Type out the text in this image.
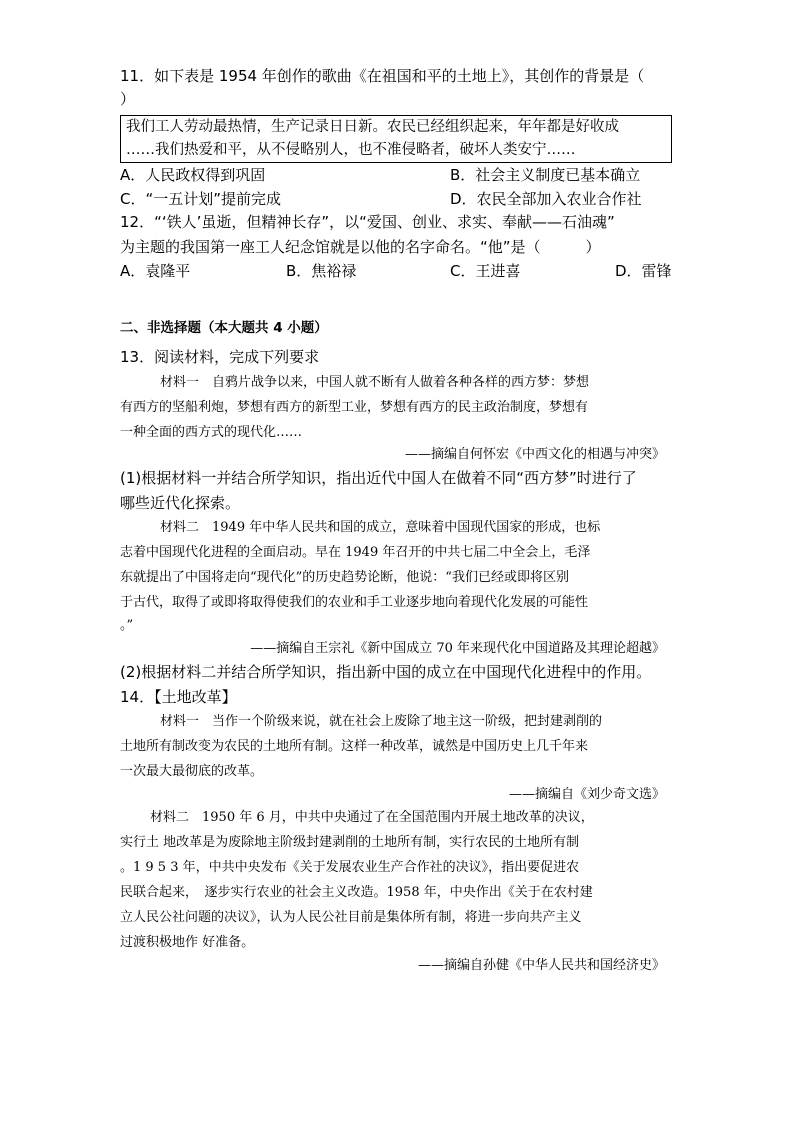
11．如下表是 1954 年创作的歌曲《在祖国和平的土地上》，其创作的背景是（
）
我们工人劳动最热情，生产记录日日新。农民已经组织起来，年年都是好收成
……我们热爱和平，从不侵略别人，也不准侵略者，破坏人类安宁……
A．人民政权得到巩固	B．社会主义制度已基本确立
C．“一五计划”提前完成	D．农民全部加入农业合作社
12．“‘铁人’虽逝，但精神长存”，以“爱国、创业、求实、奉献——石油魂”
为主题的我国第一座工人纪念馆就是以他的名字命名。“他”是（　　　）
A．袁隆平	B．焦裕禄	C．王进喜	D．雷锋
二、非选择题（本大题共 4 小题）
13．阅读材料，完成下列要求
材料一　自鸦片战争以来，中国人就不断有人做着各种各样的西方梦：梦想
有西方的坚船利炮，梦想有西方的新型工业，梦想有西方的民主政治制度，梦想有
一种全面的西方式的现代化……
——摘编自何怀宏《中西文化的相遇与冲突》
(1)根据材料一并结合所学知识，指出近代中国人在做着不同“西方梦”时进行了
哪些近代化探索。
材料二　1949 年中华人民共和国的成立，意味着中国现代国家的形成，也标
志着中国现代化进程的全面启动。早在 1949 年召开的中共七届二中全会上，毛泽
东就提出了中国将走向“现代化”的历史趋势论断，他说：“我们已经或即将区别
于古代，取得了或即将取得使我们的农业和手工业逐步地向着现代化发展的可能性
。”
——摘编自王宗礼《新中国成立 70 年来现代化中国道路及其理论超越》
(2)根据材料二并结合所学知识，指出新中国的成立在中国现代化进程中的作用。
14．【土地改革】
材料一　当作一个阶级来说，就在社会上废除了地主这一阶级，把封建剥削的
土地所有制改变为农民的土地所有制。这样一种改革，诚然是中国历史上几千年来
一次最大最彻底的改革。
——摘编自《刘少奇文选》
材料二　1950 年 6 月，中共中央通过了在全国范围内开展土地改革的决议，
实行土 地改革是为废除地主阶级封建剥削的土地所有制，实行农民的土地所有制
。1 9 5 3 年，中共中央发布《关于发展农业生产合作社的决议》，指出要促进农
民联合起来，　逐步实行农业的社会主义改造。1958 年，中央作出《关于在农村建
立人民公社问题的决议》，认为人民公社目前是集体所有制，将进一步向共产主义
过渡积极地作 好准备。
——摘编自孙健《中华人民共和国经济史》
